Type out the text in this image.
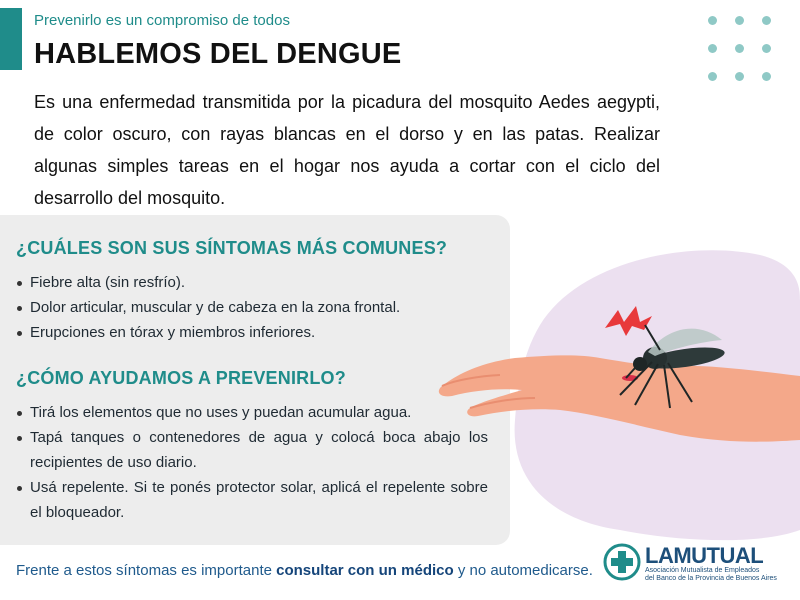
Prevenirlo es un compromiso de todos
HABLEMOS DEL DENGUE

Es una enfermedad transmitida por la picadura del mosquito Aedes aegypti, de color oscuro, con rayas blancas en el dorso y en las patas. Realizar algunas simples tareas en el hogar nos ayuda a cortar con el ciclo del desarrollo del mosquito.

¿CUÁLES SON SUS SÍNTOMAS MÁS COMUNES?
Fiebre alta (sin resfrío).
Dolor articular, muscular y de cabeza en la zona frontal.
Erupciones en tórax y miembros inferiores.
¿CÓMO AYUDAMOS A PREVENIRLO?
Tirá los elementos que no uses y puedan acumular agua.
Tapá tanques o contenedores de agua y colocá boca abajo los recipientes de uso diario.
Usá repelente. Si te ponés protector solar, aplicá el repelente sobre el bloqueador.

Frente a estos síntomas es importante consultar con un médico y no automedicarse.

LAMUTUAL
Asociación Mutualista de Empleados
del Banco de la Provincia de Buenos Aires
